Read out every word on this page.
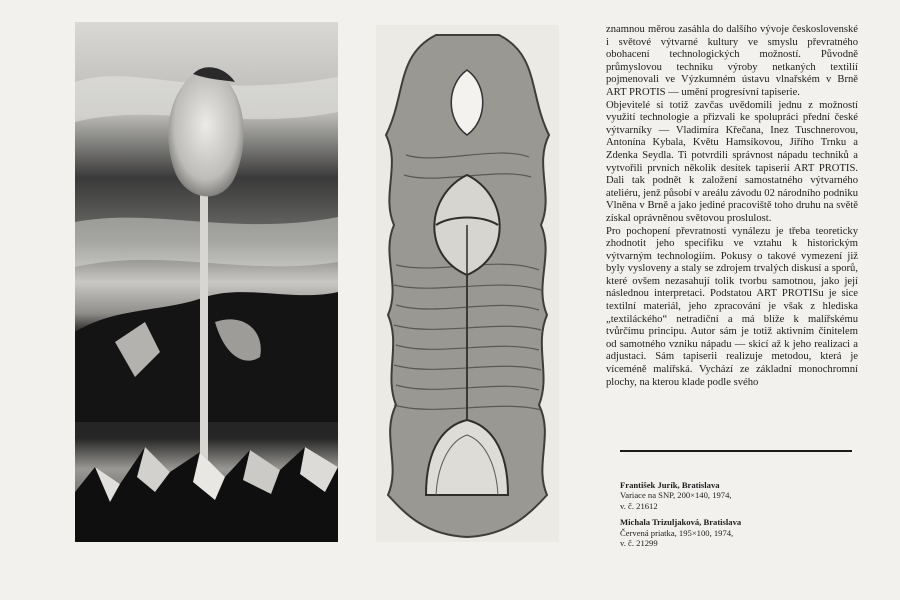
znamnou měrou zasáhla do dalšího vývoje československé i světové výtvarné kultury ve smyslu převratného obohacení technologických možností. Původně průmyslovou techniku výroby netkaných textilií pojmenovali ve Výzkumném ústavu vlnařském v Brně ART PROTIS — umění progresívní tapiserie.

Objevitelé si totiž zavčas uvědomili jednu z možností využití technologie a přizvali ke spolupráci přední české výtvarníky — Vladimíra Křečana, Inez Tuschnerovou, Antonína Kybala, Květu Hamsíkovou, Jiřího Trnku a Zdenka Seydla. Ti potvrdili správnost nápadu techniků a vytvořili prvních několik desítek tapiserií ART PROTIS. Dali tak podnět k založení samostatného výtvarného ateliéru, jenž působí v areálu závodu 02 národního podniku Vlněna v Brně a jako jediné pracoviště toho druhu na světě získal oprávněnou světovou proslulost.

Pro pochopení převratnosti vynálezu je třeba teoreticky zhodnotit jeho specifiku ve vztahu k historickým výtvarným technologiím. Pokusy o takové vymezení již byly vysloveny a staly se zdrojem trvalých diskusí a sporů, které ovšem nezasahují tolik tvorbu samotnou, jako její následnou interpretaci. Podstatou ART PROTISu je sice textilní materiál, jeho zpracování je však z hlediska „textiláckého“ netradiční a má blíže k malířskému tvůrčímu principu. Autor sám je totiž aktivním činitelem od samotného vzniku nápadu — skicí až k jeho realizaci a adjustaci. Sám tapiserii realizuje metodou, která je víceméně malířská. Vychází ze základní monochromní plochy, na kterou klade podle svého

František Jurík, Bratislava
Variace na SNP, 200×140, 1974,
v. č. 21612
Michala Trizuljaková, Bratislava
Červená priatka, 195×100, 1974,
v. č. 21299
